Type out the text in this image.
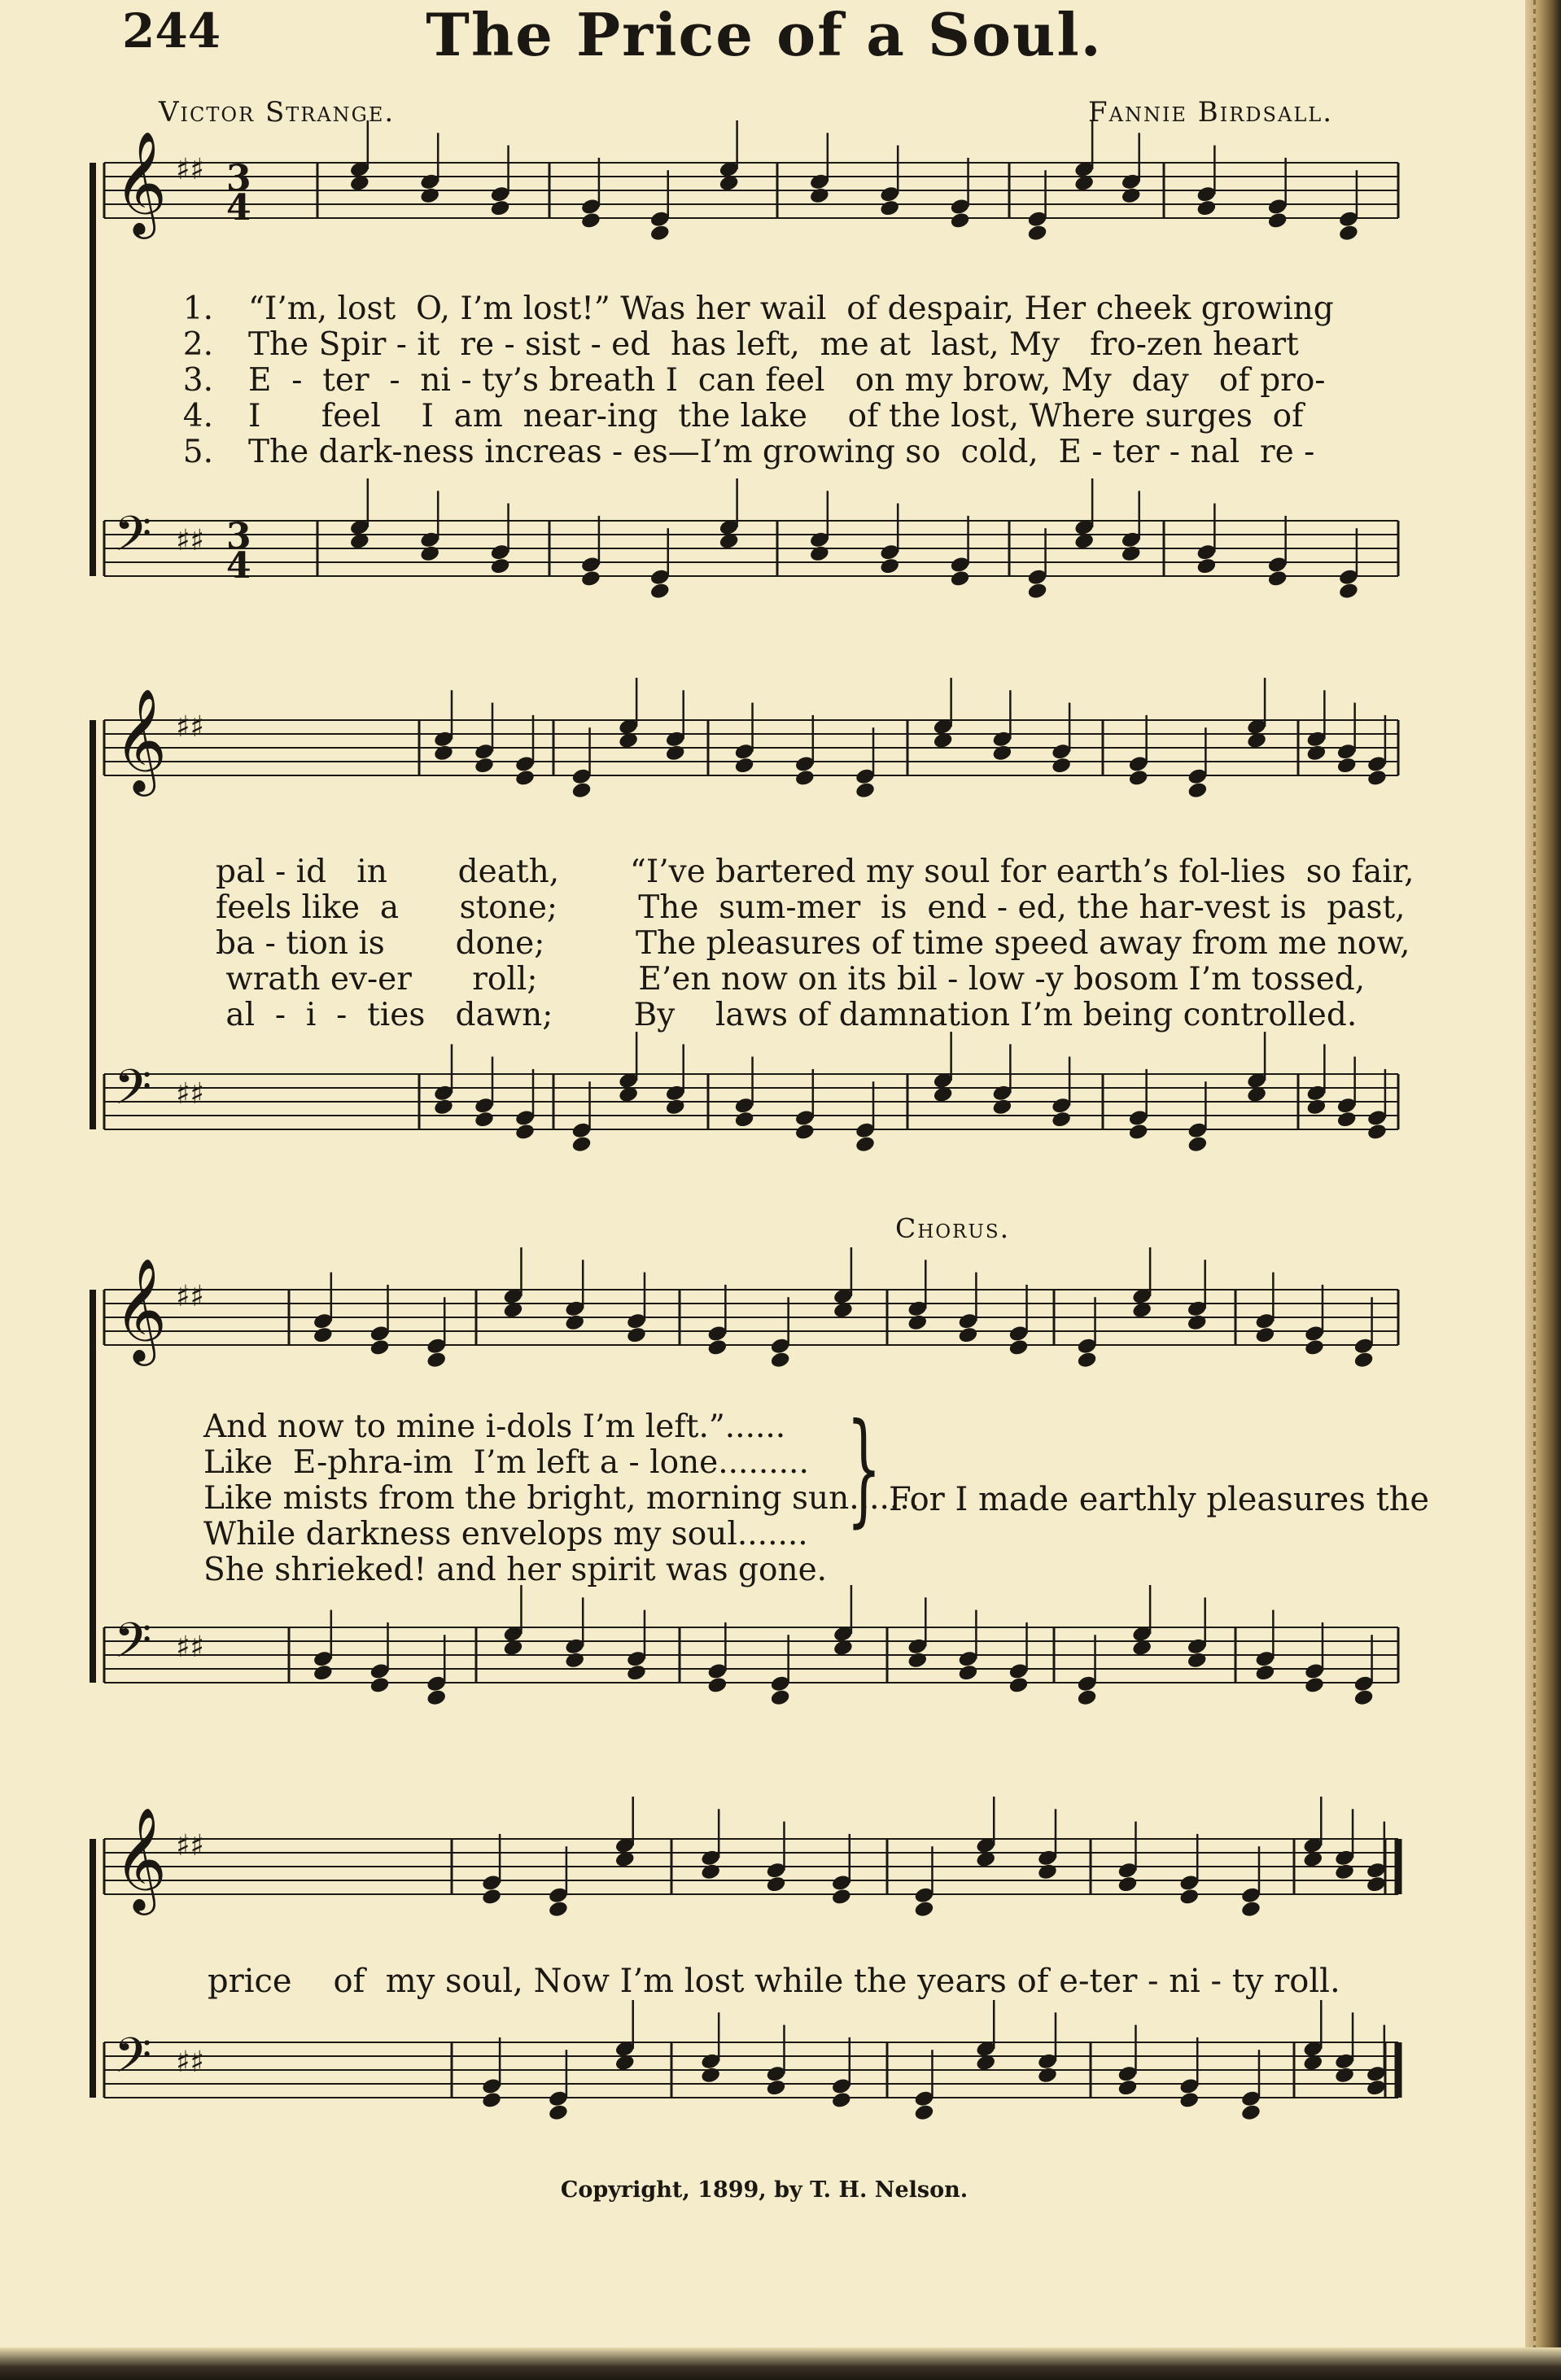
244	The Price of a Soul.
Victor Strange.	Fannie Birdsall.
𝄞 ♯♯
𝄢 ♯♯
3
4
3
4
𝄞 ♯♯
𝄢 ♯♯
𝄞 ♯♯
𝄢 ♯♯
𝄞 ♯♯
𝄢 ♯♯
1.
2.
3.
4.
5.
“I’m, lost  O, I’m lost!” Was her wail  of despair, Her cheek growing
The Spir - it  re - sist - ed  has left,  me at  last, My   fro-zen heart
E  -  ter  -  ni - ty’s breath I  can feel   on my brow, My  day   of pro-
I      feel    I  am  near-ing  the lake    of the lost, Where surges  of
The dark-ness increas - es—I’m growing so  cold,  E - ter - nal  re -
pal - id   in       death,       “I’ve bartered my soul for earth’s fol-lies  so fair,
feels like  a      stone;        The  sum-mer  is  end - ed, the har-vest is  past,
ba - tion is       done;         The pleasures of time speed away from me now,
wrath ev-er      roll;          E’en now on its bil - low -y bosom I’m tossed,
al  -  i  -  ties   dawn;        By    laws of damnation I’m being controlled.
Chorus.
And now to mine i-dols I’m left.”......
Like  E-phra-im  I’m left a - lone.........
Like mists from the bright, morning sun.......
While darkness envelops my soul.......
She shrieked! and her spirit was gone.
} For I made earthly pleasures the
price    of  my soul, Now I’m lost while the years of e-ter - ni - ty roll.
Copyright, 1899, by T. H. Nelson.
